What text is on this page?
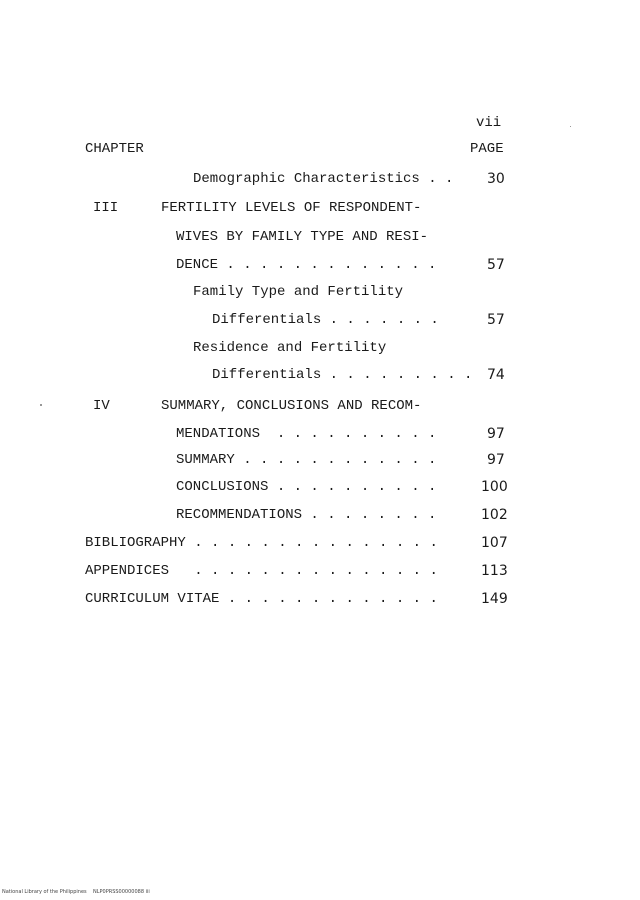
vii
CHAPTER	PAGE
Demographic Characteristics . . 30
III	FERTILITY LEVELS OF RESPONDENT-
WIVES BY FAMILY TYPE AND RESI-
DENCE . . . . . . . . . . . . .	57
Family Type and Fertility
Differentials . . . . . . .	57
Residence and Fertility
Differentials . . . . . . . . . 74
IV	SUMMARY, CONCLUSIONS AND RECOM-
MENDATIONS  . . . . . . . . . .	97
SUMMARY . . . . . . . . . . . .	97
CONCLUSIONS . . . . . . . . . .	100
RECOMMENDATIONS . . . . . . . .	102
BIBLIOGRAPHY . . . . . . . . . . . . . . .	107
APPENDICES   . . . . . . . . . . . . . . .	113
CURRICULUM VITAE . . . . . . . . . . . . .	149
National Library of the Philippines    NLP0PRSS00000088 iii
